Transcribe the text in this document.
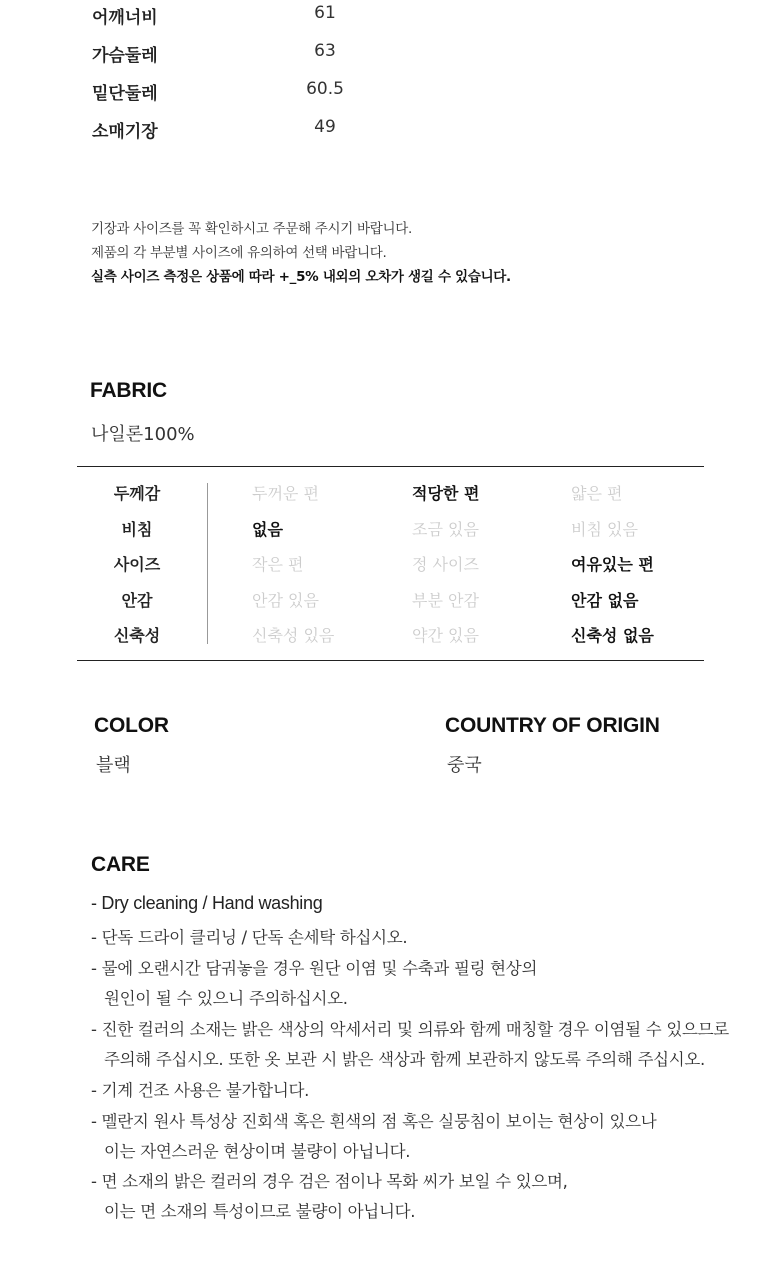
어깨너비	61
가슴둘레	63
밑단둘레	60.5
소매기장	49
기장과 사이즈를 꼭 확인하시고 주문해 주시기 바랍니다.
제품의 각 부분별 사이즈에 유의하여 선택 바랍니다.
실측 사이즈 측정은 상품에 따라 +_5% 내외의 오차가 생길 수 있습니다.
FABRIC
나일론100%
두께감	두꺼운 편	적당한 편	얇은 편
비침	없음	조금 있음	비침 있음
사이즈	작은 편	정 사이즈	여유있는 편
안감	안감 있음	부분 안감	안감 없음
신축성	신축성 있음	약간 있음	신축성 없음
COLOR
블랙
COUNTRY OF ORIGIN
중국
CARE
- Dry cleaning / Hand washing
- 단독 드라이 클리닝 / 단독 손세탁 하십시오.
- 물에 오랜시간 담궈놓을 경우 원단 이염 및 수축과 필링 현상의
원인이 될 수 있으니 주의하십시오.
- 진한 컬러의 소재는 밝은 색상의 악세서리 및 의류와 함께 매칭할 경우 이염될 수 있으므로
주의해 주십시오. 또한 옷 보관 시 밝은 색상과 함께 보관하지 않도록 주의해 주십시오.
- 기계 건조 사용은 불가합니다.
- 멜란지 원사 특성상 진회색 혹은 흰색의 점 혹은 실뭉침이 보이는 현상이 있으나
이는 자연스러운 현상이며 불량이 아닙니다.
- 면 소재의 밝은 컬러의 경우 검은 점이나 목화 씨가 보일 수 있으며,
이는 면 소재의 특성이므로 불량이 아닙니다.
